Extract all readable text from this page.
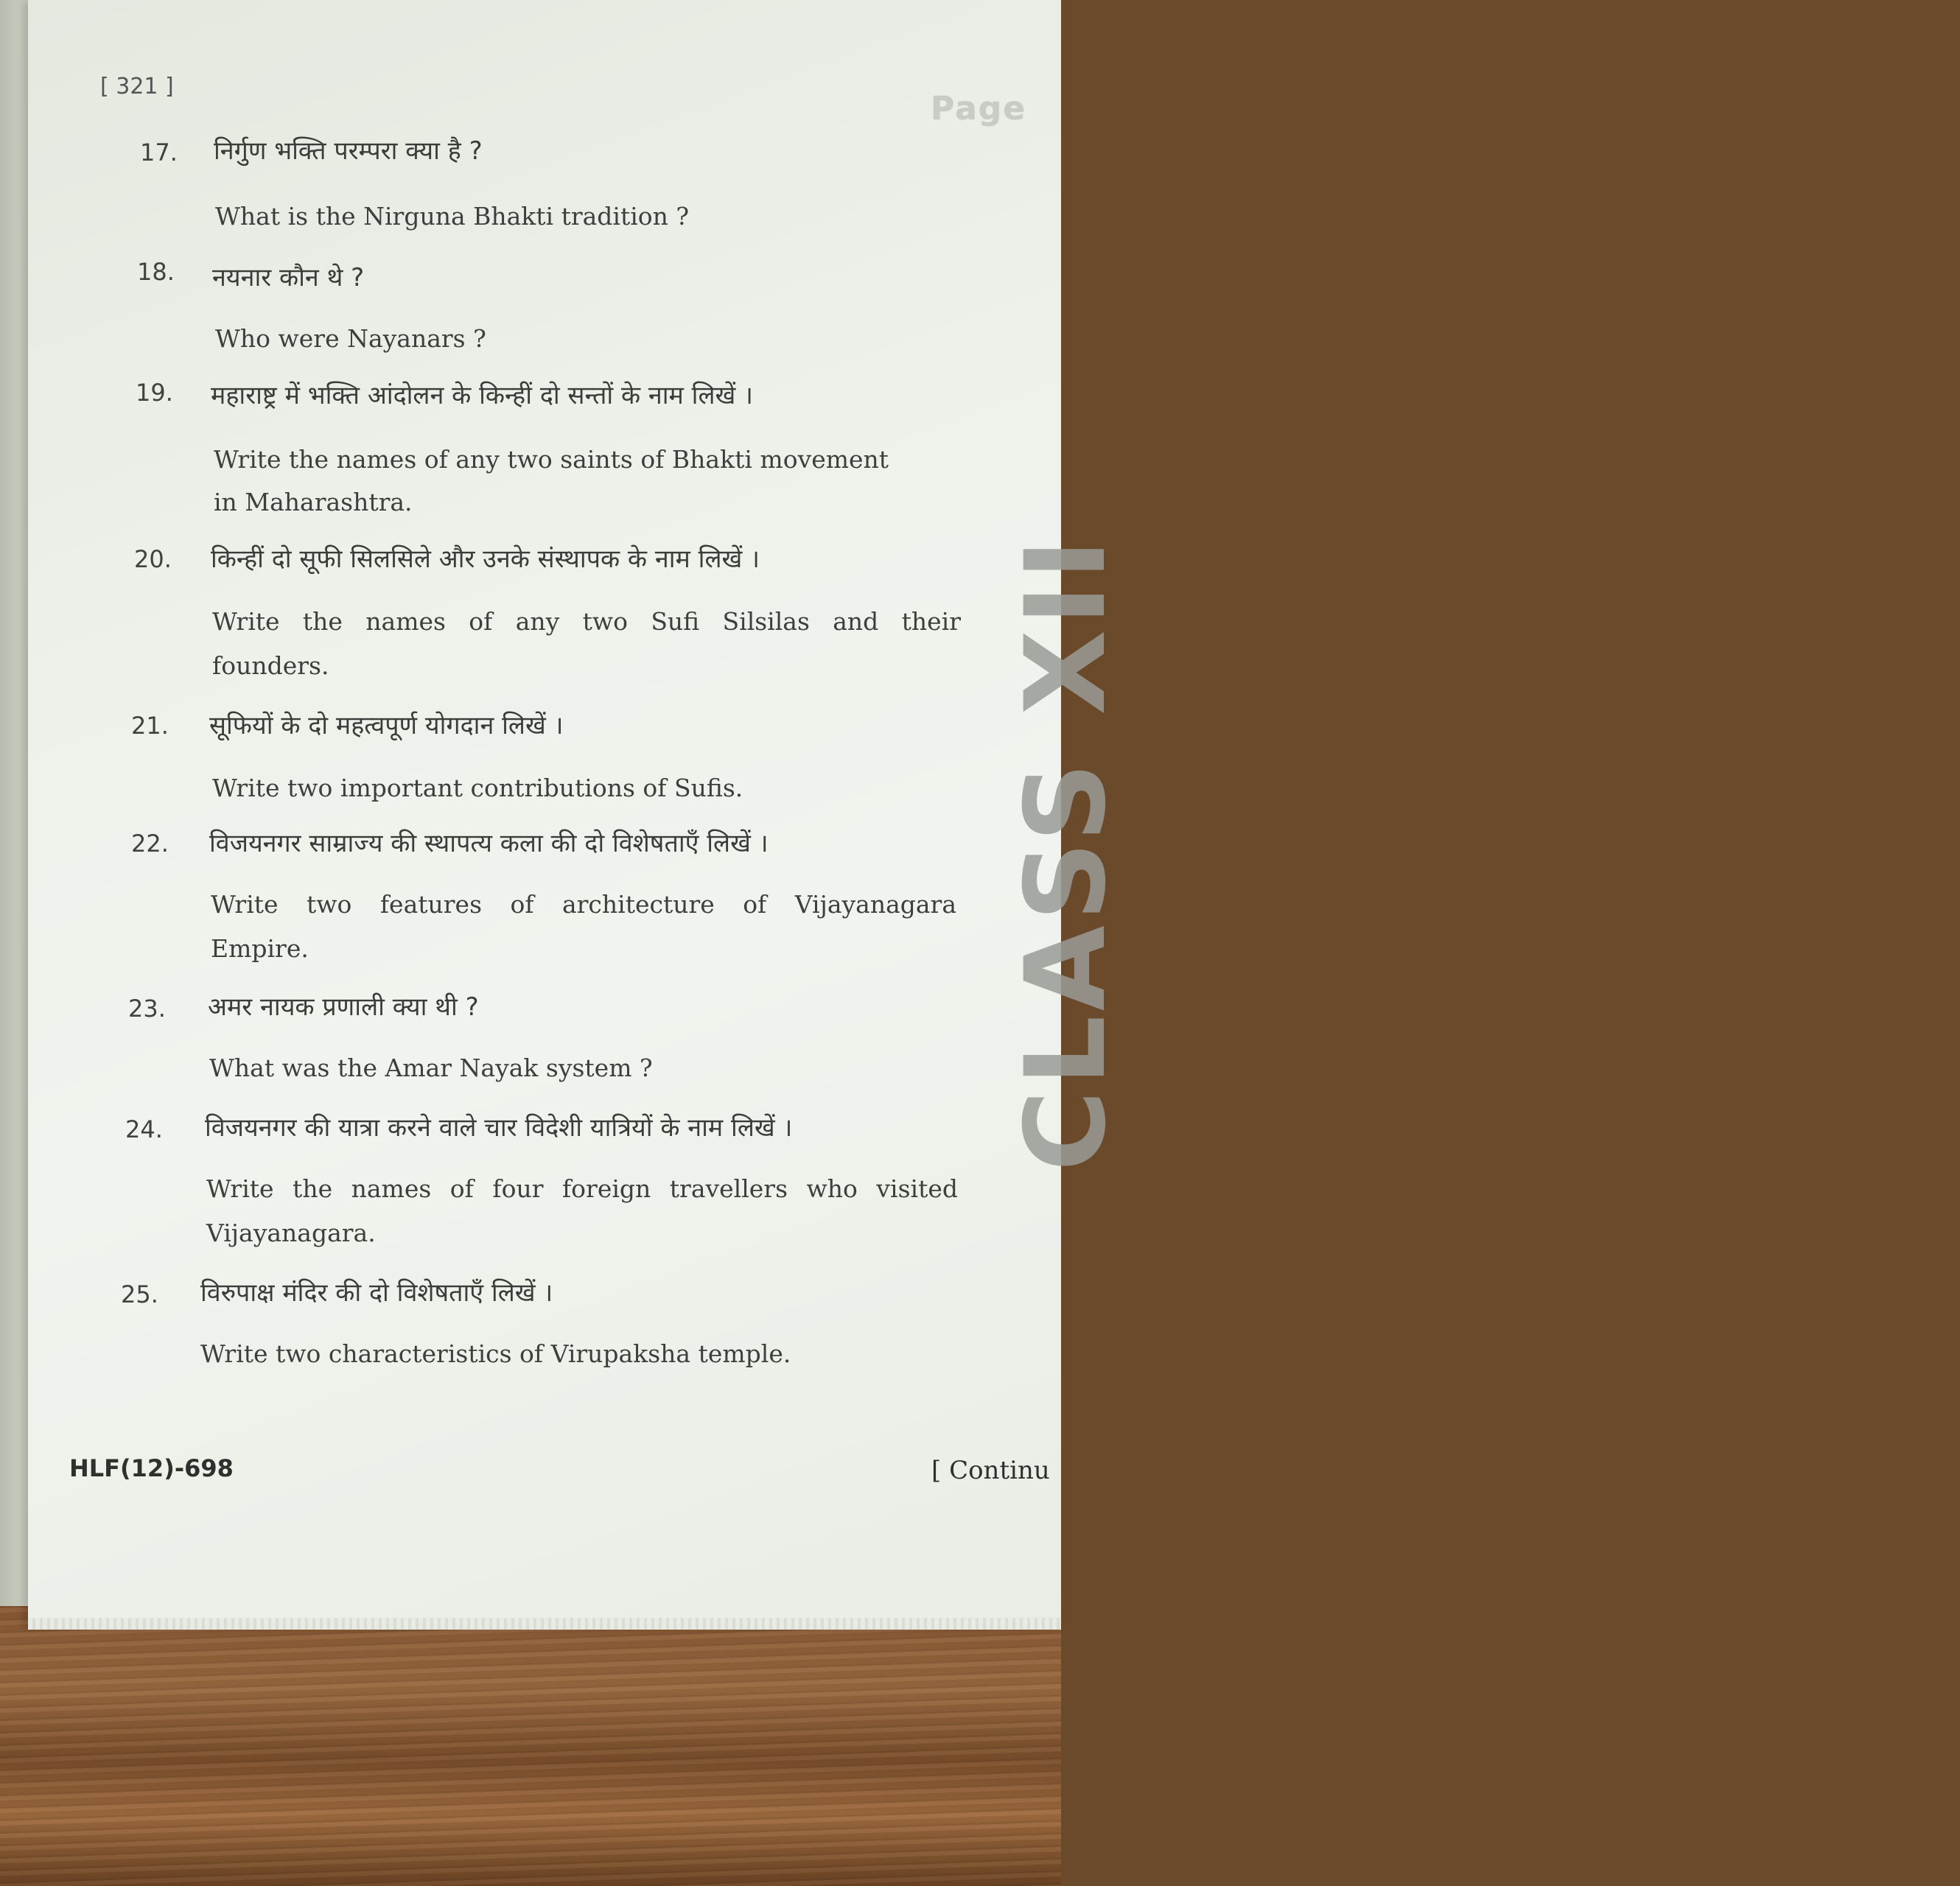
[ 321 ]
Page
CLASS XII
17. निर्गुण भक्ति परम्परा क्या है ?
What is the Nirguna Bhakti tradition ?
18. नयनार कौन थे ?
Who were Nayanars ?
19. महाराष्ट्र में भक्ति आंदोलन के किन्हीं दो सन्तों के नाम लिखें ।
Write the names of any two saints of Bhakti movement
in Maharashtra.
20. किन्हीं दो सूफी सिलसिले और उनके संस्थापक के नाम लिखें ।
Write the names of any two Sufi Silsilas and their
founders.
21. सूफियों के दो महत्वपूर्ण योगदान लिखें ।
Write two important contributions of Sufis.
22. विजयनगर साम्राज्य की स्थापत्य कला की दो विशेषताएँ लिखें ।
Write two features of architecture of Vijayanagara
Empire.
23. अमर नायक प्रणाली क्या थी ?
What was the Amar Nayak system ?
24. विजयनगर की यात्रा करने वाले चार विदेशी यात्रियों के नाम लिखें ।
Write the names of four foreign travellers who visited
Vijayanagara.
25. विरुपाक्ष मंदिर की दो विशेषताएँ लिखें ।
Write two characteristics of Virupaksha temple.
HLF(12)-698	[ Continu
